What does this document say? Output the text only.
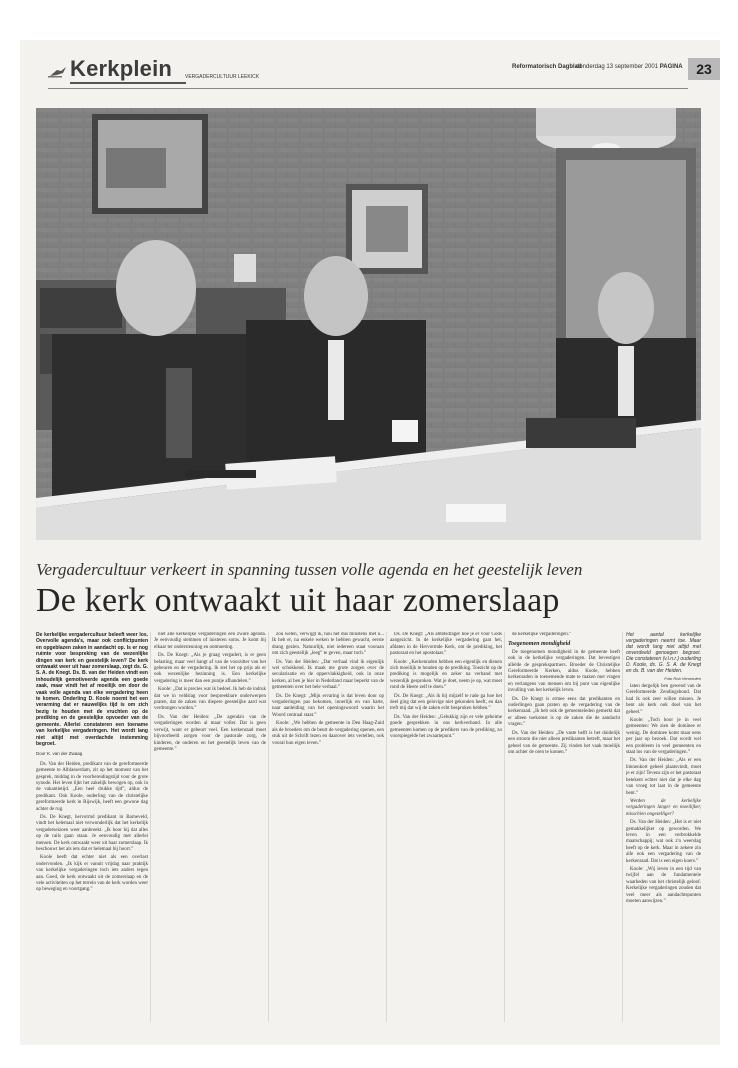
Kerkplein	VERGADERCULTUUR LEEKICK
Reformatorisch Dagblad
donderdag 13 september 2001 PAGINA 23
Vergadercultuur verkeert in spanning tussen volle agenda en het geestelijk leven
De kerk ontwaakt uit haar zomerslaap
De kerkelijke vergadercultuur beleeft weer los. Overvolle agenda's, maar ook conflictpunten en opgeblazen zaken in aandacht op. Is er nog ruimte voor bespreking van de wezenlijke dingen van kerk en geestelijk leven? De kerk ontwaakt weer uit haar zomerslaap, zegt ds. G. S. A. de Knegt. Ds. B. van der Heiden vindt een inhoudelijk gemotiveerde agenda een goede zaak, maar vindt het af moeilijk om door de vaak volle agenda van elke vergadering heen te komen. Onderling D. Koole noemt het een verarming dat er nauwelijks tijd is om zich bezig te houden met de vruchten op de prediking en de geestelijke opvoeder van de gemeente. Allerlei constateren een toename van kerkelijke vergaderingen. Het wordt lang niet altijd met overdachde instemming begroet.
Door K. van der Zwaag

Ds. Van der Heiden, predikant van de gereformeerde gemeente te Alblasserdam, zit op het moment van het gesprek, middag in de voorbereidingstijd voor de grote synode. Het leven lijkt het zakelijk bewogen op, ook in de vakantietijd. „Een heel drukke tijd”, aldus de predikant. Ook Koole, ouderling van de christelijke gereformeerde kerk in Rijswijk, heeft een gewone dag achter de rug.

Ds. De Knegt, hervormd predikant in Barneveld, vindt het helemaal niet verwonderlijk dat het kerkelijk vergaderseizoen weer aanbreekt. „Ik hoor bij dat alles op de rails gaan staan. Je eenvoudig met allerlei mensen. De kerk ontwaakt weer uit haar zomerslaap. Ik beschouwt het als iets dat er helemaal bij hoort.”

Koole heeft dat echter niet als een overlast ondervonden. „Ik kijk er vanuit vrijdag naar praktijk van kerkelijke vergaderingen toch iets anders tegen aan. Goed, de kerk ontwaakt uit de zomerslaap en de vele activiteiten op het terrein van de kerk worden weer op beweging en voortgang.”

niet alle kerkelijke vergaderingen een zware agenda. Je eenvoudig stemmen of luisteren soms. Je komt bij elkaar ter ondersteuning en ontmoeting.

Ds. De Knegt: „Als je graag vergadert, is er geen belasting, maar veel hangt af van de voorzitter van het gebeuren en de vergadering. Ik stel het op prijs als er ook wezenlijke bezinning is. Een kerkelijke vergadering is meer dan een puntje afhandelen.”

Koole: „Dat is precies wat ik bedoel. Ik heb de indruk dat we in veldslag voor bespreekbare onderwerpen praten, dat de zaken van diepere geestelijke aard wat verdrongen worden.”

Ds. Van der Heiden: „De agenda's van de vergaderingen worden al maar voller. Dat is geen verwijt, want er gebeurt veel. Een kerkenraad moet bijvoorbeeld zorgen voor de pastorale zorg, de kinderen, de ouderen en het geestelijk leven van de gemeente.”

zou weten, verwijgt ik, hou het dus minstens met u... Ik heb er, na enkele weken te hebben gewacht, eerste drang gezien. Natuurlijk, niet iedereen staat vooraan om zich geestelijk „leeg” te geven, maar toch.”

Ds. Van der Heiden: „Dat verhaal vind ik eigenlijk wel schokkend. Ik maak me grote zorgen over de secularisatie en de oppervlakkigheid, ook in onze kerken, al ben je hier in Nederland maar beperkt van de gemeenten over het hele verhaal.”

Ds. De Knegt: „Mijn ervaring is dat leven door op vergaderingen pas bekomen, innerlijk en van harte, naar aanleiding van het openingswoord waarin het Woord centraal staat.”

Koole: „We hebben de gemeente in Den Haag-Zuid als de broeders om de beurt de vergadering openen, een stuk uit de Schrift lezen en daarover iets vertellen, ook vooral hun eigen leven.”

Ds. De Knegt: „Als ambtsdrager hoe je er voor Gods aangezicht. In de kerkelijke vergadering gaat het, afdaten in de Hervormde Kerk, om de prediking, het pastoraat en het apostolaat.”

Koole: „Kerkenraden hebben een eigenlijk en dienen zich moeilijk te houden op de prediking. Toezicht op de prediking is mogelijk en zeker na verband met wezenlijk gesproken. Wat je doet, neem je op, wat moet rond de Heere zelf te doen.”

Ds. De Knegt: „Als ik bij mijzelf te rade ga hoe het deel ging dat een gelovige niet gekonden heeft, en dan treft mij dat wij de zaken echt besproken hebben.”

Ds. Van der Heiden: „Gelukkig zijn er vele geheime goede gesprekken in ons kerkverband. In alle gemeenten komen op de predikers van de prediking, zo voorspiegelde het zwaartepunt.”

de kerkelijke vergaderingen.”

Toegenomen mondigheid

De toegenomen mondigheid in de gemeente heeft ook in de kerkelijke vergaderingen. Dat bevestigen allelde de gesprekspartners. Broeder de Christelijke Gereformeerde Kerken, aldus Koole, hebben kerkenraden in toenemende mate te maken met vragen en verlangens van mensen om bij punt van eigenlijke invulling van het kerkelijk leven.

Ds. De Knegt is ermee eens dat predikanten en ouderlingen gaan praten op de vergadering van de kerkenraad. „Ik heb ook de gemeenteleden gemerkt dat er alleen toekomst is op de zaken die de aandacht vragen.”

Ds. Van der Heiden: „De vaste helft is het duidelijk een stroom die niet alleen predikanten betreft, maar het geheel van de gemeente. Zij vinden het vaak moeilijk om achter de oren te komen.”

Het aantal kerkelijke vergaderingen neemt toe. Maar dat wordt lang niet altijd met onverdeeld genoegen begroet. Die constateren (v.l.n.r.) ouderling D. Koole, ds. G. S. A. de Knegt en ds. B. van der Heiden.
Foto Rob Vermeulen

laten dergelijk ben gewend van de Gereformeerde Zendingsbond. Dat had ik ook zeer willen missen. Je bent als kerk ook doel van het geheel.”

Koole: „Toch hoor je in veel gemeenten: We zien de dominee er weinig. De dominee komt maar eens per jaar op bezoek. Dat wordt wel een probleem in veel gemeenten en staat los van de vergaderingen.”

Ds. Van der Heiden: „Als er een binnenkort geheel plaatsvindt, moet je er zijn! Tevens zijn er het pastoraat betekent echter niet dat je elke dag van vroeg tot laat in de gemeente bent.”

Werden de kerkelijke vergaderingen langer en moeilijker, misschien ongezelliger?

Ds. Van der Heiden: „Het is er niet gemakkelijker op geworden. We leven in een verbrokkelde maatschappij; wat ook z'n weerslag heeft op de kerk. Maar in zekere zin alle ook een vergadering van de kerkenraad. Dat is een eigen koers.”

Koole: „Wij leven in een tijd van twijfel aan de fundamentele waarheden van het christelijk geloof. Kerkelijke vergaderingen zouden dat veel meer als aandachtspunten moeten aanwijzen.”
